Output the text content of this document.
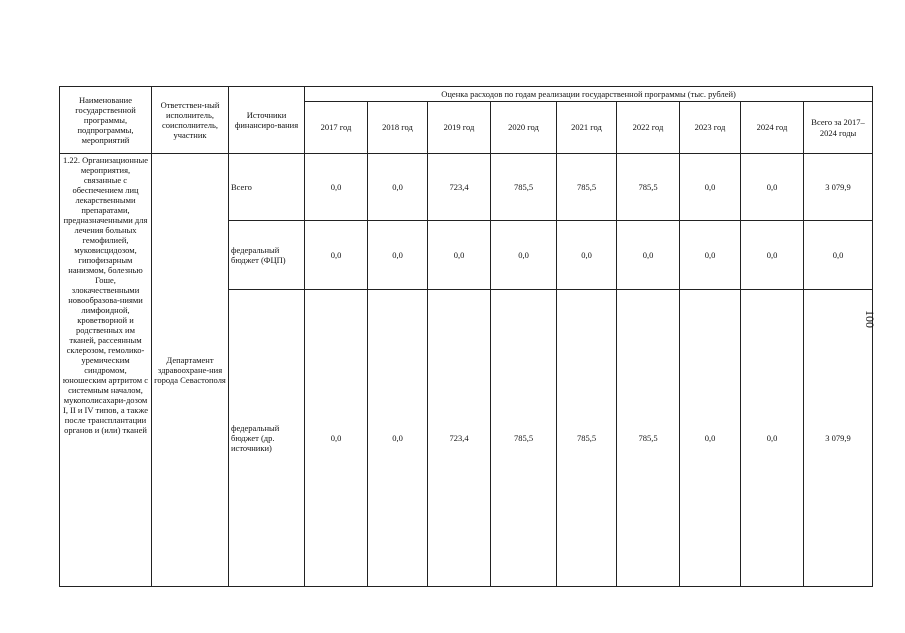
Наименование государственной программы, подпрограммы, мероприятий	Ответствен-ный исполнитель, соисполнитель, участник	Источники финансиро-вания	Оценка расходов по годам реализации государственной программы (тыс. рублей)								
			2017 год	2018 год	2019 год	2020 год	2021 год	2022 год	2023 год	2024 год	Всего за 2017–2024 годы
1.22. Организационные мероприятия, связанные с обеспечением лиц лекарственными препаратами, предназначенными для лечения больных гемофилией, муковисцидозом, гипофизарным нанизмом, болезнью Гоше, злокачественными новообразова-ниями лимфоидной, кроветворной и родственных им тканей, рассеянным склерозом, гемолико-уремическим синдромом, юношеским артритом с системным началом, мукополисахари-дозом I, II и IV типов, а также после трансплантации органов и (или) тканей	Департамент здравоохране-ния города Севастополя	Всего	0,0	0,0	723,4	785,5	785,5	785,5	0,0	0,0	3 079,9
		федеральный бюджет (ФЦП)	0,0	0,0	0,0	0,0	0,0	0,0	0,0	0,0	0,0
		федеральный бюджет (др. источники)	0,0	0,0	723,4	785,5	785,5	785,5	0,0	0,0	3 079,9
100
